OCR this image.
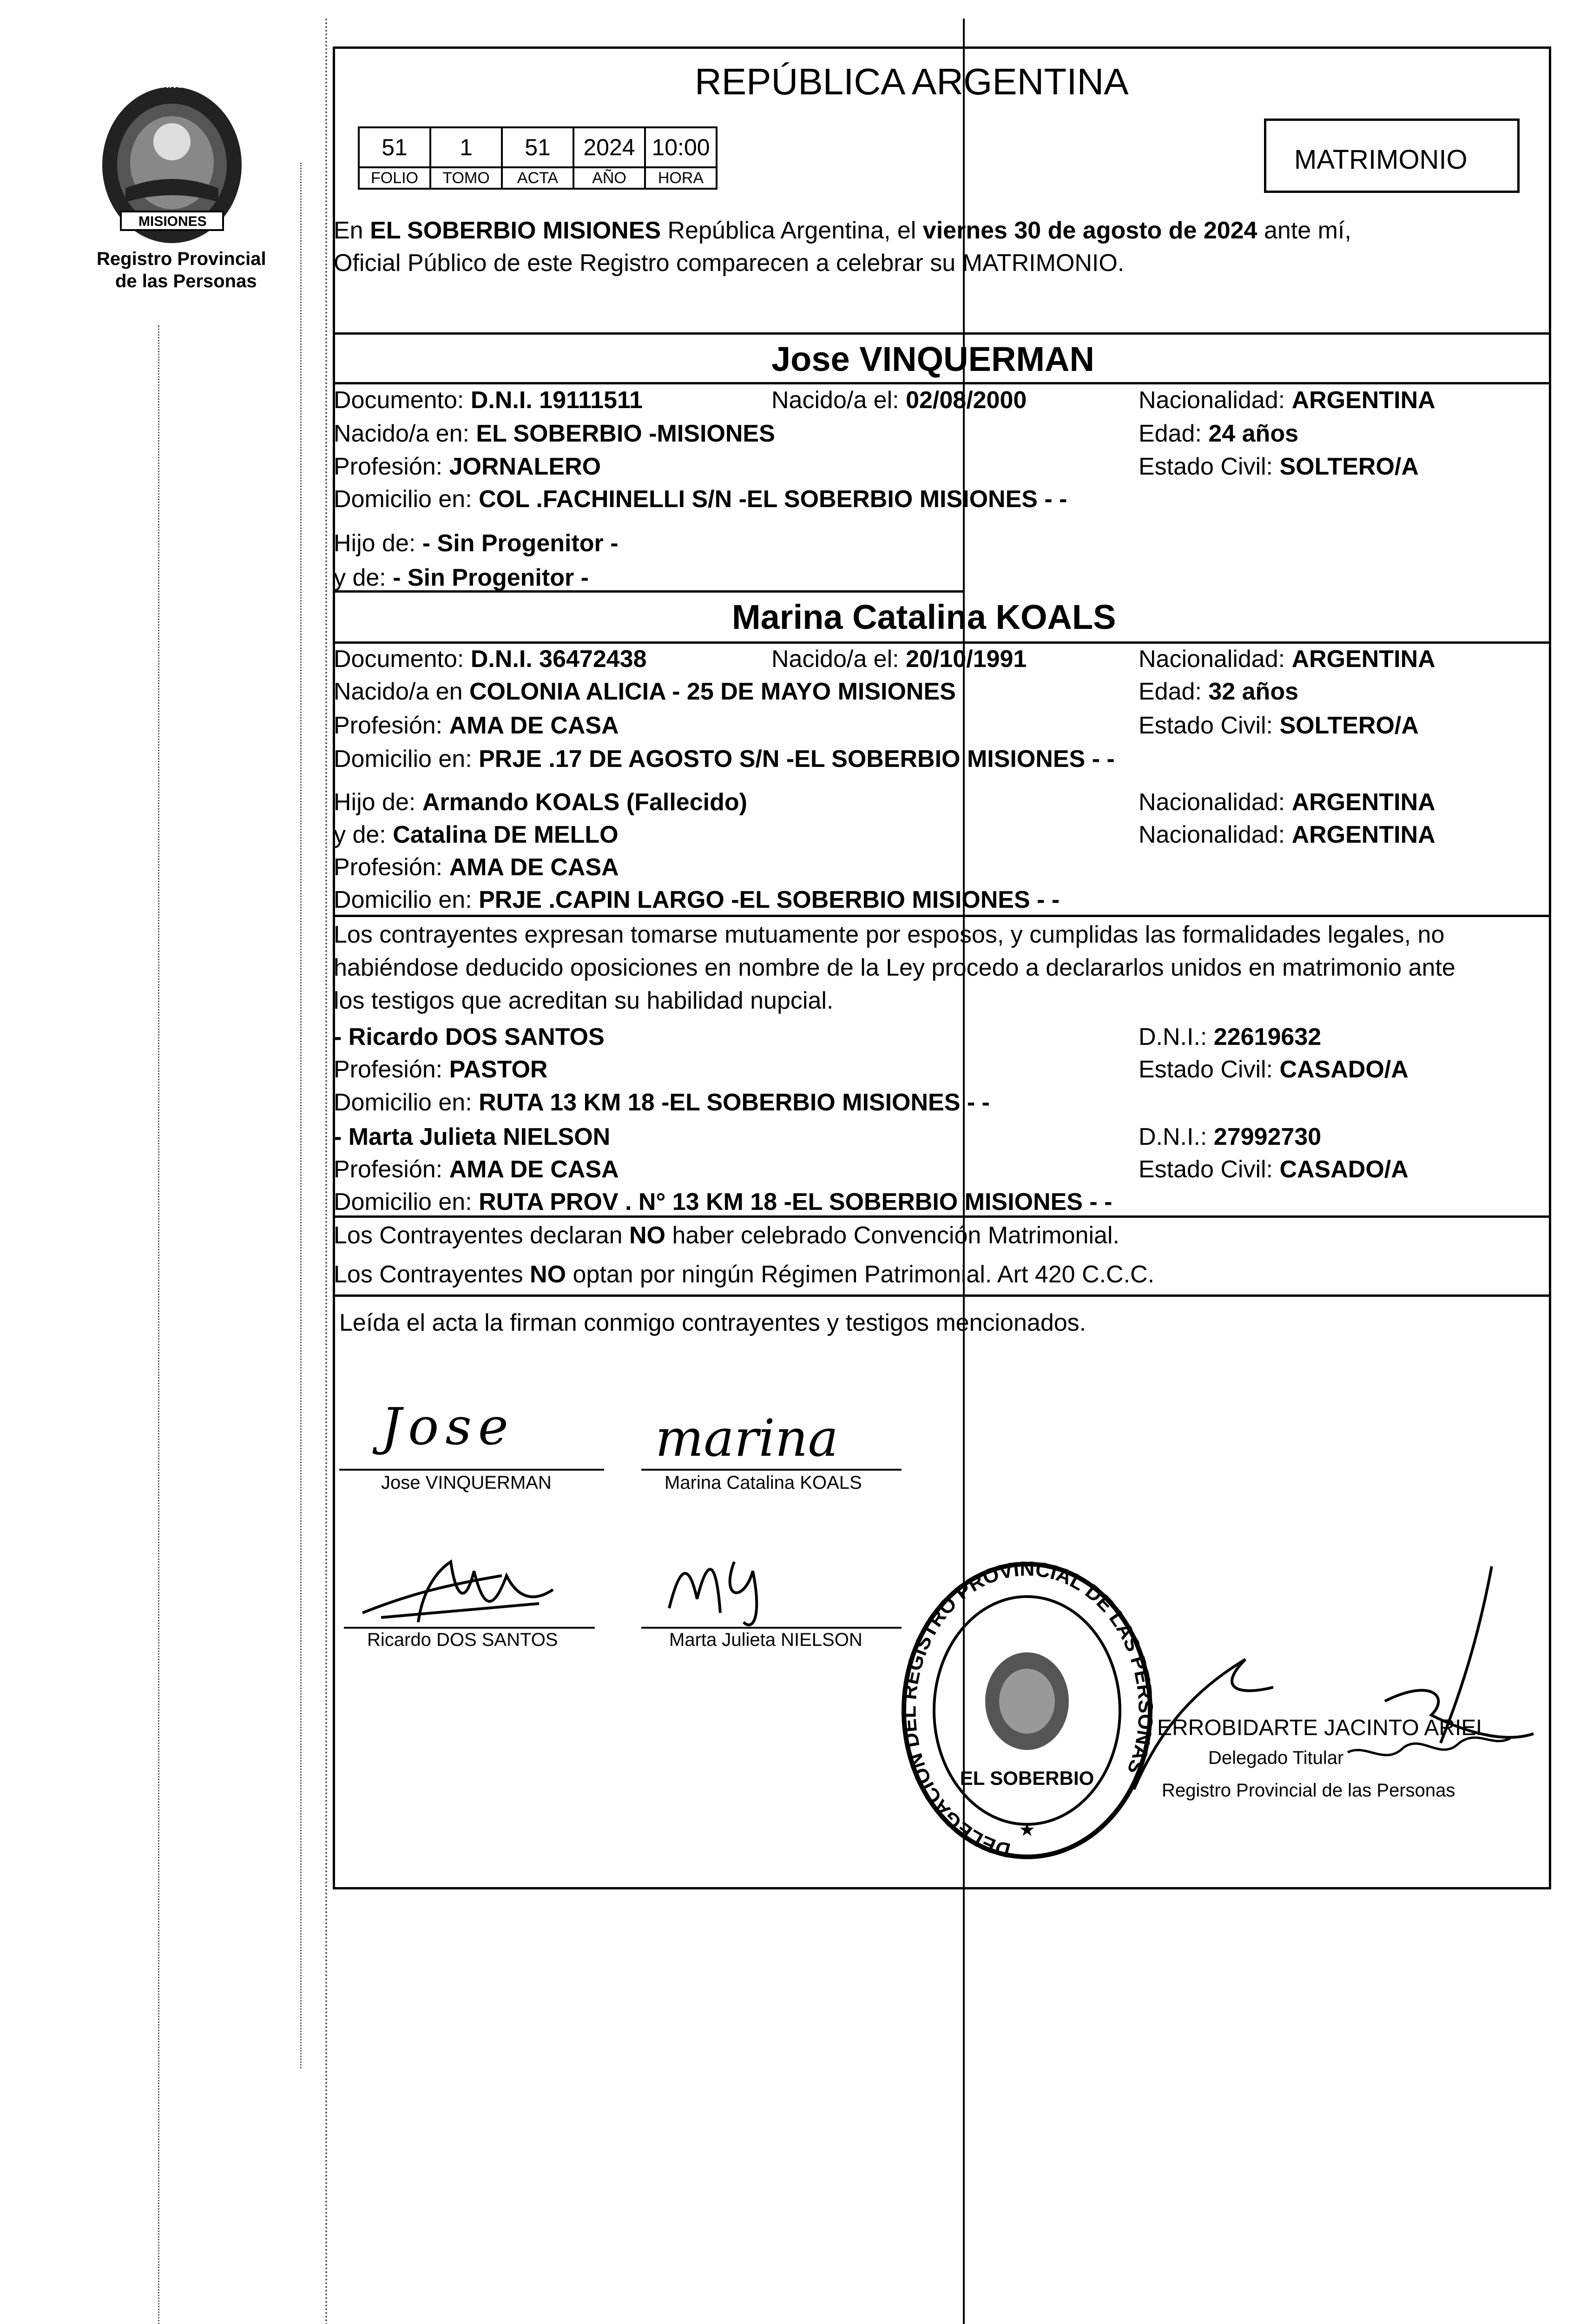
PROVINCIA DE
MISIONES
Registro Provincial
de las Personas
REPÚBLICA ARGENTINA
MATRIMONIO
51	1	51	2024	10:00
FOLIO	TOMO	ACTA	AÑO	HORA
En EL SOBERBIO MISIONES República Argentina, el viernes 30 de agosto de 2024 ante mí,
Oficial Público de este Registro comparecen a celebrar su MATRIMONIO.
Jose VINQUERMAN
Documento: D.N.I. 19111511	Nacido/a el: 02/08/2000	Nacionalidad: ARGENTINA
Nacido/a en: EL SOBERBIO -MISIONES	Edad: 24 años
Profesión: JORNALERO	Estado Civil: SOLTERO/A
Domicilio en: COL .FACHINELLI S/N -EL SOBERBIO MISIONES - -
Hijo de: - Sin Progenitor -
y de: - Sin Progenitor -
Marina Catalina KOALS
Documento: D.N.I. 36472438	Nacido/a el: 20/10/1991	Nacionalidad: ARGENTINA
Nacido/a en COLONIA ALICIA - 25 DE MAYO MISIONES	Edad: 32 años
Profesión: AMA DE CASA	Estado Civil: SOLTERO/A
Domicilio en: PRJE .17 DE AGOSTO S/N -EL SOBERBIO MISIONES - -
Hijo de: Armando KOALS (Fallecido)	Nacionalidad: ARGENTINA
y de: Catalina DE MELLO	Nacionalidad: ARGENTINA
Profesión: AMA DE CASA
Domicilio en: PRJE .CAPIN LARGO -EL SOBERBIO MISIONES - -
Los contrayentes expresan tomarse mutuamente por esposos, y cumplidas las formalidades legales, no
habiéndose deducido oposiciones en nombre de la Ley procedo a declararlos unidos en matrimonio ante
los testigos que acreditan su habilidad nupcial.
- Ricardo DOS SANTOS	D.N.I.: 22619632
Profesión: PASTOR	Estado Civil: CASADO/A
Domicilio en: RUTA 13 KM 18 -EL SOBERBIO MISIONES - -
- Marta Julieta NIELSON	D.N.I.: 27992730
Profesión: AMA DE CASA	Estado Civil: CASADO/A
Domicilio en: RUTA PROV . N° 13 KM 18 -EL SOBERBIO MISIONES - -
Los Contrayentes declaran NO haber celebrado Convención Matrimonial.
Los Contrayentes NO optan por ningún Régimen Patrimonial. Art 420 C.C.C.
Leída el acta la firman conmigo contrayentes y testigos mencionados.
Jose
Jose VINQUERMAN
marina
Marina Catalina KOALS
Ricardo DOS SANTOS	Marta Julieta NIELSON
DELEGACION DEL REGISTRO PROVINCIAL DE LAS PERSONAS
EL SOBERBIO
★
ERROBIDARTE JACINTO ARIEL
Delegado Titular
Registro Provincial de las Personas
